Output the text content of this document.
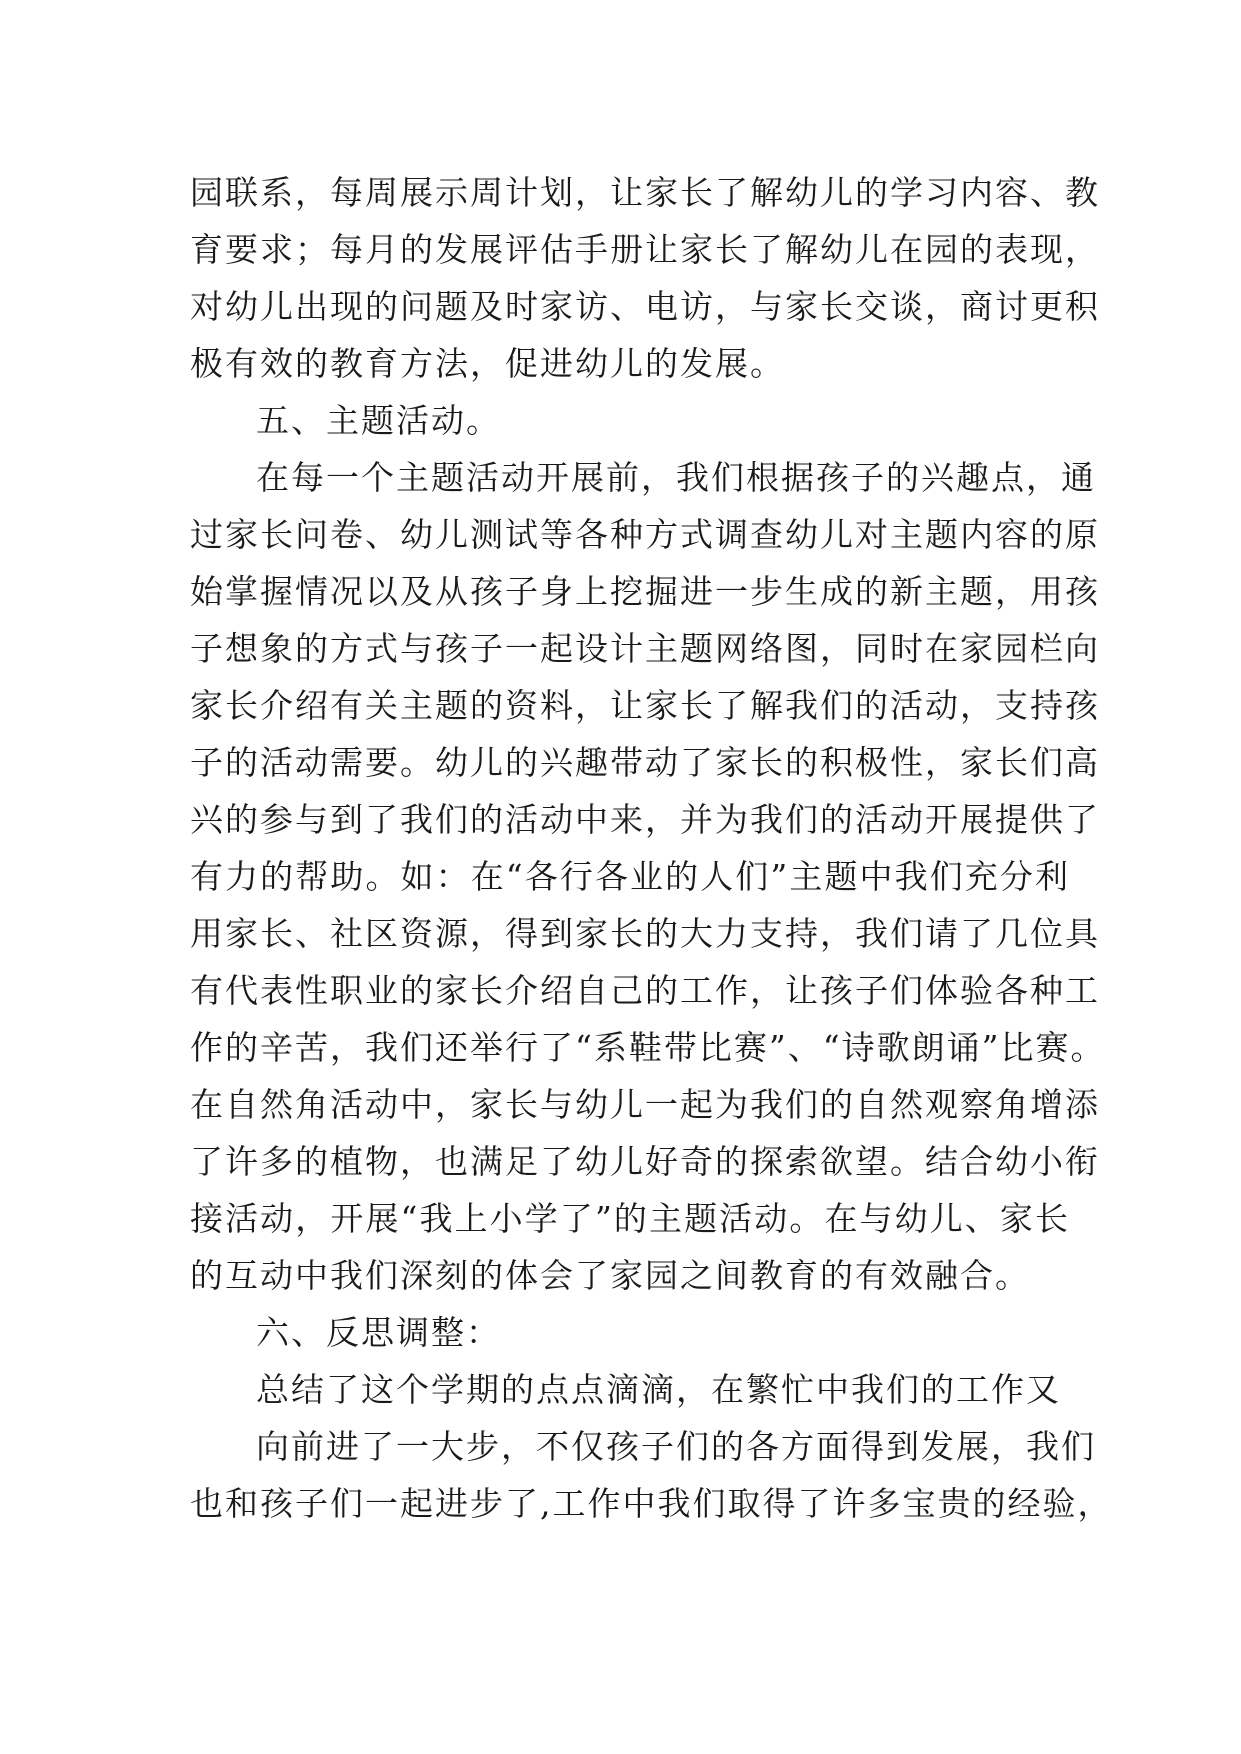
园联系，每周展示周计划，让家长了解幼儿的学习内容、教
育要求；每月的发展评估手册让家长了解幼儿在园的表现，
对幼儿出现的问题及时家访、电访，与家长交谈，商讨更积
极有效的教育方法，促进幼儿的发展。
五、主题活动。
在每一个主题活动开展前，我们根据孩子的兴趣点，通
过家长问卷、幼儿测试等各种方式调查幼儿对主题内容的原
始掌握情况以及从孩子身上挖掘进一步生成的新主题，用孩
子想象的方式与孩子一起设计主题网络图，同时在家园栏向
家长介绍有关主题的资料，让家长了解我们的活动，支持孩
子的活动需要。幼儿的兴趣带动了家长的积极性，家长们高
兴的参与到了我们的活动中来，并为我们的活动开展提供了
有力的帮助。如：在“各行各业的人们”主题中我们充分利
用家长、社区资源，得到家长的大力支持，我们请了几位具
有代表性职业的家长介绍自己的工作，让孩子们体验各种工
作的辛苦，我们还举行了“系鞋带比赛”、“诗歌朗诵”比赛。
在自然角活动中，家长与幼儿一起为我们的自然观察角增添
了许多的植物，也满足了幼儿好奇的探索欲望。结合幼小衔
接活动，开展“我上小学了”的主题活动。在与幼儿、家长
的互动中我们深刻的体会了家园之间教育的有效融合。
六、反思调整：
总结了这个学期的点点滴滴，在繁忙中我们的工作又
向前进了一大步，不仅孩子们的各方面得到发展，我们
也和孩子们一起进步了,工作中我们取得了许多宝贵的经验，
